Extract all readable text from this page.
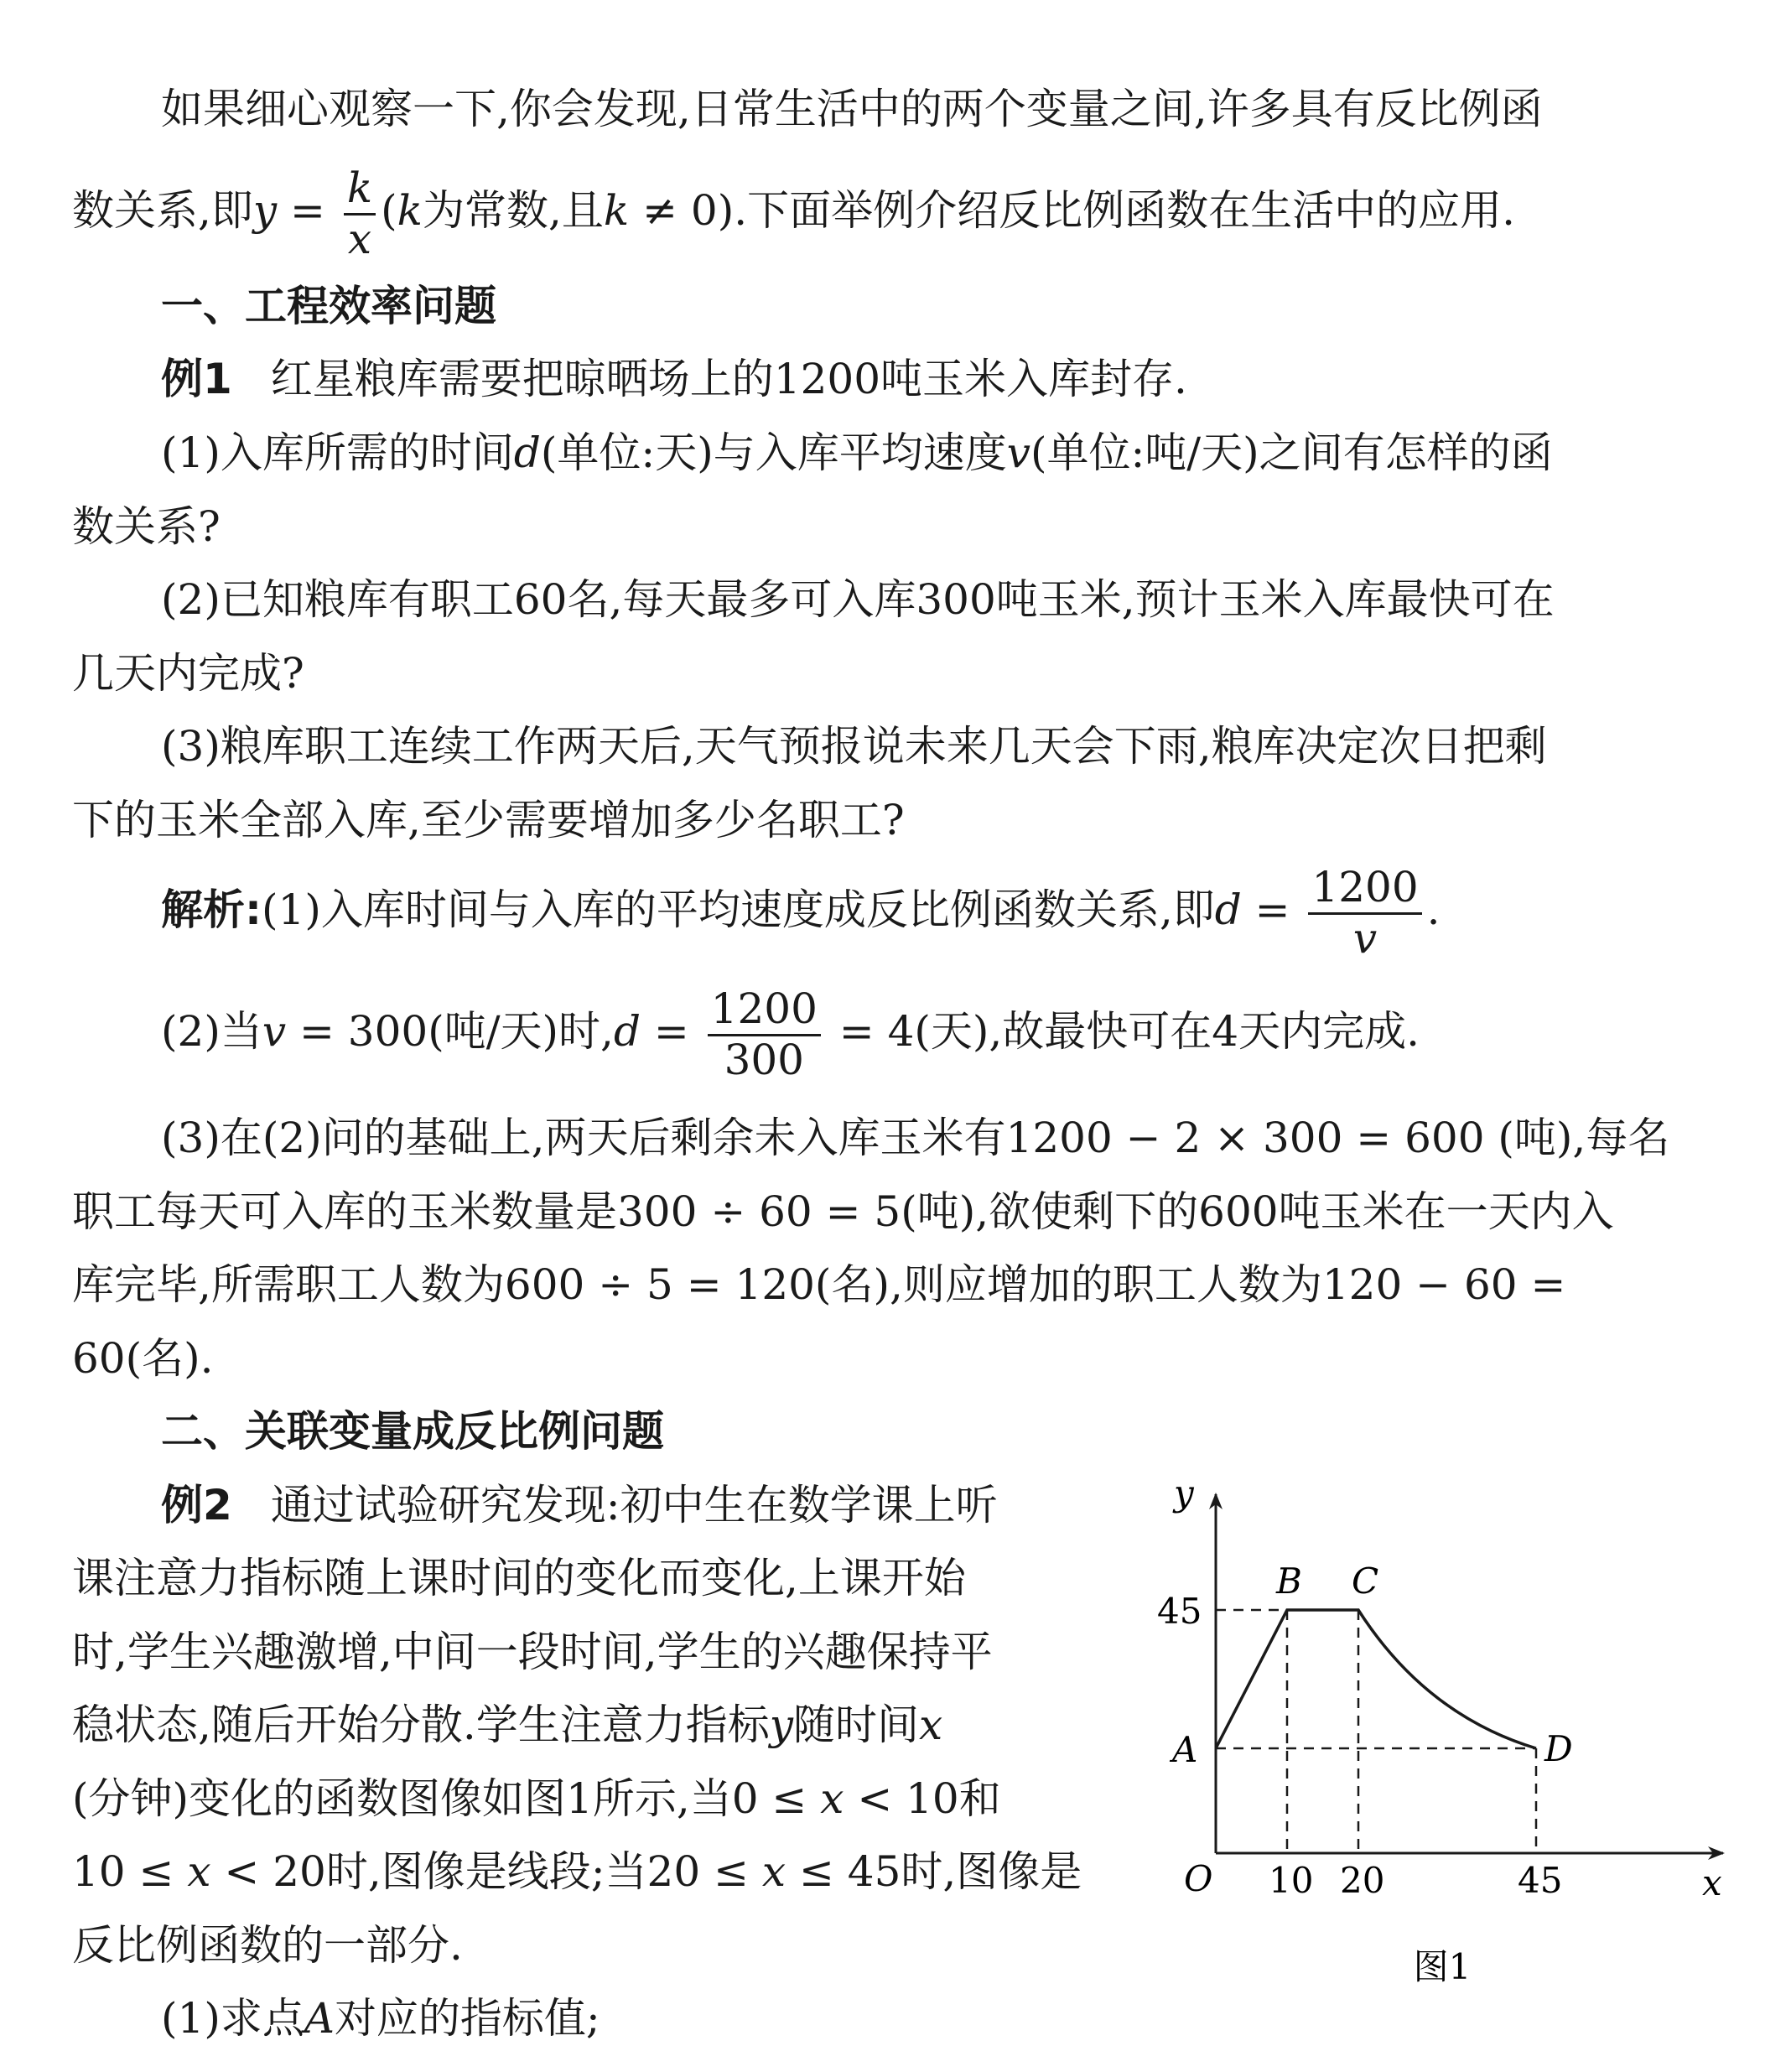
如果细心观察一下,你会发现,日常生活中的两个变量之间,许多具有反比例函
数关系,即$y = \frac{k}{x} (k$为常数,且k ≠ 0).下面举例介绍反比例函数在生活中的应用.
一、工程效率问题
例1 红星粮库需要把晾晒场上的1200吨玉米入库封存.
(1)入库所需的时间d(单位:天)与入库平均速度v(单位:吨/天)之间有怎样的函
数关系?
(2)已知粮库有职工60名,每天最多可入库300吨玉米,预计玉米入库最快可在
几天内完成?
(3)粮库职工连续工作两天后,天气预报说未来几天会下雨,粮库决定次日把剩
下的玉米全部入库,至少需要增加多少名职工?
解析:(1)入库时间与入库的平均速度成反比例函数关系,即$d = \frac{1200}{v}$ .
(2)当v = 300(吨/天)时$,d = \frac{1200}{300} = 4$(天),故最快可在4天内完成.
(3)在(2)问的基础上,两天后剩余未入库玉米有1200 − 2 × 300 = 600 (吨),每名
职工每天可入库的玉米数量是300 ÷ 60 = 5(吨),欲使剩下的600吨玉米在一天内入
库完毕,所需职工人数为600 ÷ 5 = 120(名),则应增加的职工人数为120 − 60 =
60(名).
二、关联变量成反比例问题
例2 通过试验研究发现:初中生在数学课上听
课注意力指标随上课时间的变化而变化,上课开始
时,学生兴趣激增,中间一段时间,学生的兴趣保持平
稳状态,随后开始分散.学生注意力指标y随时间x
(分钟)变化的函数图像如图1所示,当0 ≤ x < 10和
10 ≤ x < 20时,图像是线段;当20 ≤ x ≤ 45时,图像是
反比例函数的一部分.
(1)求点A对应的指标值;
y
x
O
45
A
B C
D
10 20	45
图1
